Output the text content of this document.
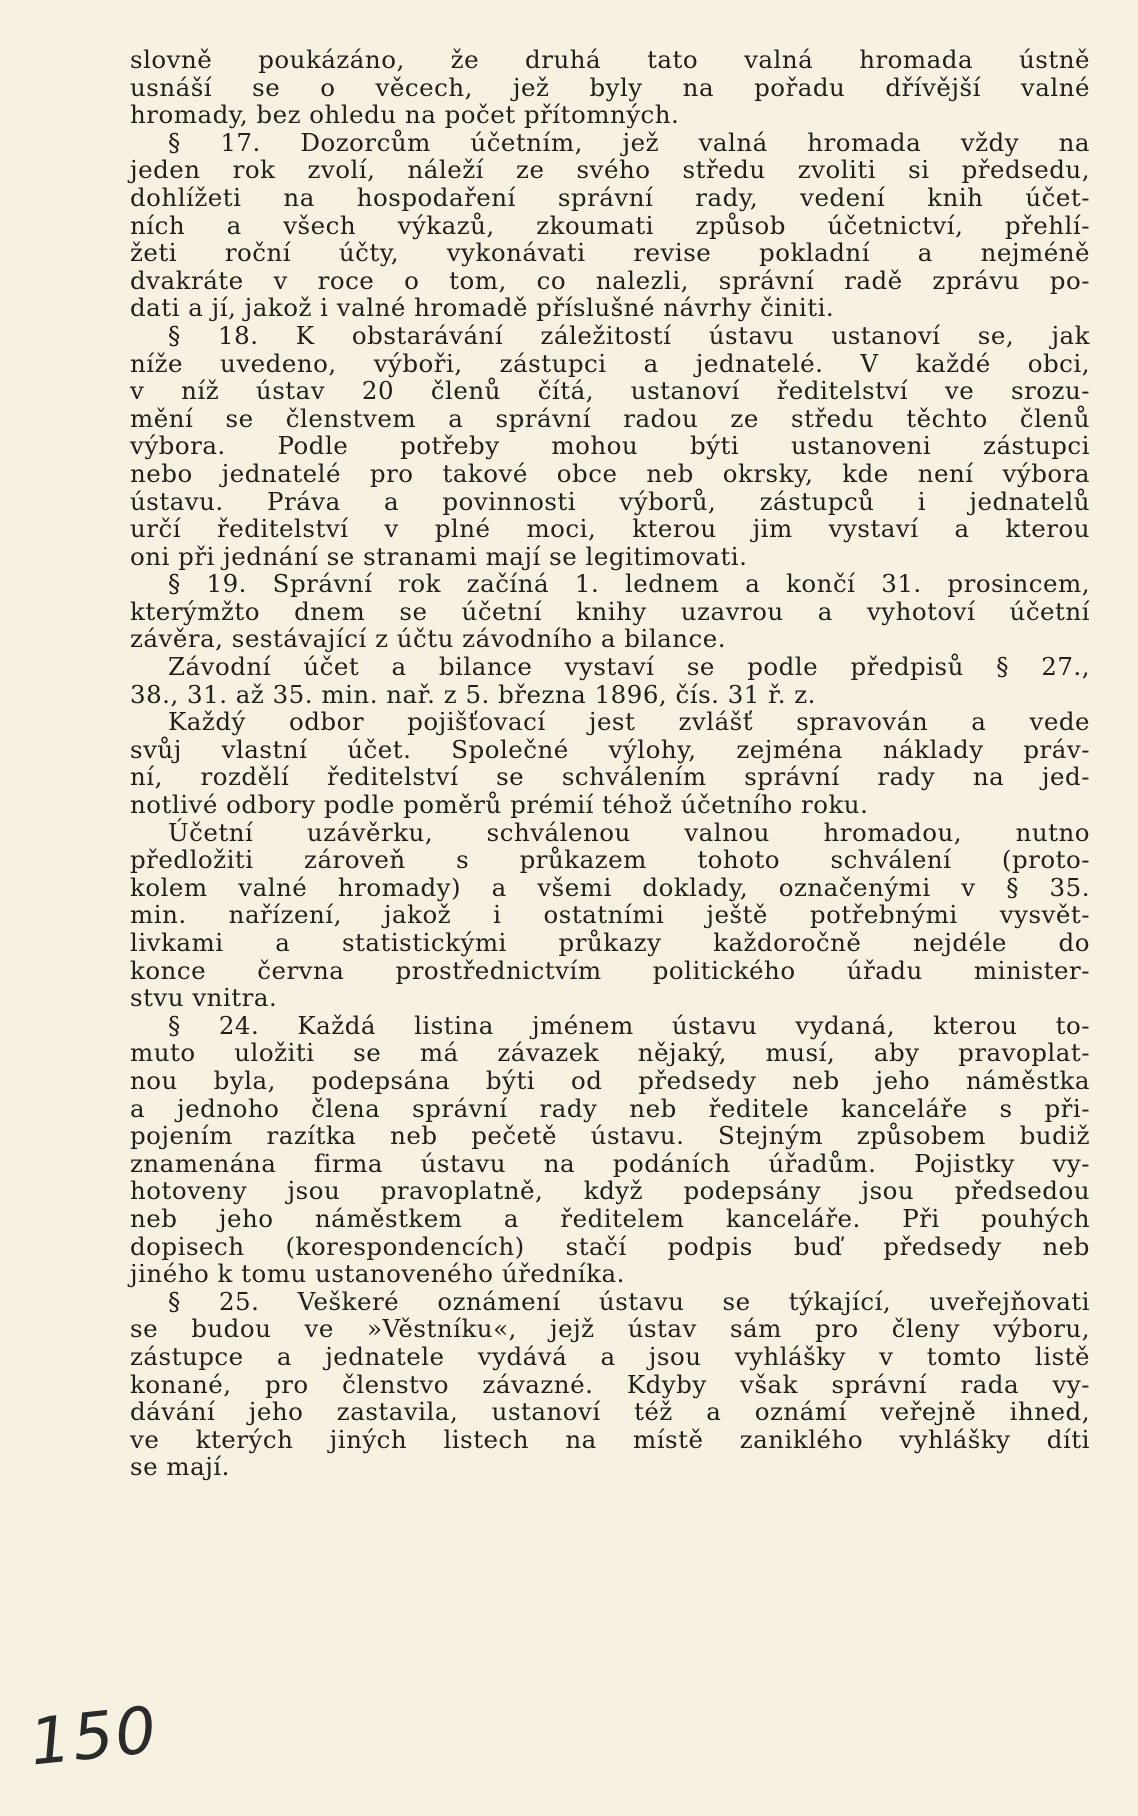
slovně poukázáno, že druhá tato valná hromada ústně
usnáší se o věcech, jež byly na pořadu dřívější valné
hromady, bez ohledu na počet přítomných.
§ 17. Dozorcům účetním, jež valná hromada vždy na
jeden rok zvolí, náleží ze svého středu zvoliti si předsedu,
dohlížeti na hospodaření správní rady, vedení knih účet-
ních a všech výkazů, zkoumati způsob účetnictví, přehlí-
žeti roční účty, vykonávati revise pokladní a nejméně
dvakráte v roce o tom, co nalezli, správní radě zprávu po-
dati a jí, jakož i valné hromadě příslušné návrhy činiti.
§ 18. K obstarávání záležitostí ústavu ustanoví se, jak
níže uvedeno, výboři, zástupci a jednatelé. V každé obci,
v níž ústav 20 členů čítá, ustanoví ředitelství ve srozu-
mění se členstvem a správní radou ze středu těchto členů
výbora. Podle potřeby mohou býti ustanoveni zástupci
nebo jednatelé pro takové obce neb okrsky, kde není výbora
ústavu. Práva a povinnosti výborů, zástupců i jednatelů
určí ředitelství v plné moci, kterou jim vystaví a kterou
oni při jednání se stranami mají se legitimovati.
§ 19. Správní rok začíná 1. lednem a končí 31. prosincem,
kterýmžto dnem se účetní knihy uzavrou a vyhotoví účetní
závěra, sestávající z účtu závodního a bilance.
Závodní účet a bilance vystaví se podle předpisů § 27.,
38., 31. až 35. min. nař. z 5. března 1896, čís. 31 ř. z.
Každý odbor pojišťovací jest zvlášť spravován a vede
svůj vlastní účet. Společné výlohy, zejména náklady práv-
ní, rozdělí ředitelství se schválením správní rady na jed-
notlivé odbory podle poměrů prémií téhož účetního roku.
Účetní uzávěrku, schválenou valnou hromadou, nutno
předložiti zároveň s průkazem tohoto schválení (proto-
kolem valné hromady) a všemi doklady, označenými v § 35.
min. nařízení, jakož i ostatními ještě potřebnými vysvět-
livkami a statistickými průkazy každoročně nejdéle do
konce června prostřednictvím politického úřadu minister-
stvu vnitra.
§ 24. Každá listina jménem ústavu vydaná, kterou to-
muto uložiti se má závazek nějaký, musí, aby pravoplat-
nou byla, podepsána býti od předsedy neb jeho náměstka
a jednoho člena správní rady neb ředitele kanceláře s při-
pojením razítka neb pečetě ústavu. Stejným způsobem budiž
znamenána firma ústavu na podáních úřadům. Pojistky vy-
hotoveny jsou pravoplatně, když podepsány jsou předsedou
neb jeho náměstkem a ředitelem kanceláře. Při pouhých
dopisech (korespondencích) stačí podpis buď předsedy neb
jiného k tomu ustanoveného úředníka.
§ 25. Veškeré oznámení ústavu se týkající, uveřejňovati
se budou ve »Věstníku«, jejž ústav sám pro členy výboru,
zástupce a jednatele vydává a jsou vyhlášky v tomto listě
konané, pro členstvo závazné. Kdyby však správní rada vy-
dávání jeho zastavila, ustanoví též a oznámí veřejně ihned,
ve kterých jiných listech na místě zaniklého vyhlášky díti
se mají.
150
